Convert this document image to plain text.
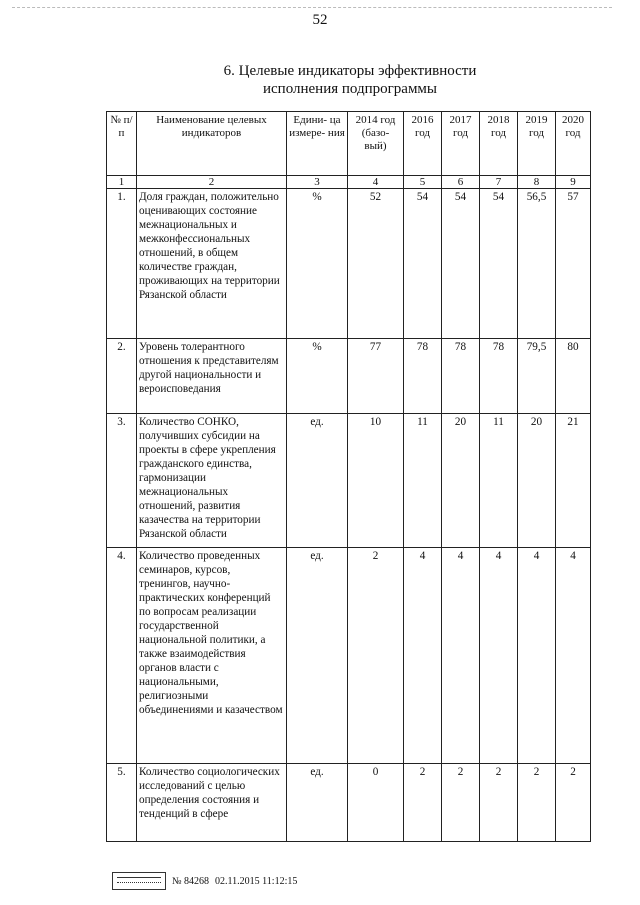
52
6. Целевые индикаторы эффективности
исполнения подпрограммы
№ п/п	Наименование целевых индикаторов	Едини- ца измере- ния	2014 год (базо- вый)	2016 год	2017 год	2018 год	2019 год	2020 год
1	2	3	4	5	6	7	8	9
1.	Доля граждан, положительно оценивающих состояние межнациональных и межконфессиональных отношений, в общем количестве граждан, проживающих на территории Рязанской области	%	52	54	54	54	56,5	57
2.	Уровень толерантного отношения к представителям другой национальности и вероисповедания	%	77	78	78	78	79,5	80
3.	Количество СОНКО, получивших субсидии на проекты в сфере укрепления гражданского единства, гармонизации межнациональных отношений, развития казачества на территории Рязанской области	ед.	10	11	20	11	20	21
4.	Количество проведенных семинаров, курсов, тренингов, научно-практических конференций по вопросам реализации государственной национальной политики, а также взаимодействия органов власти с национальными, религиозными объединениями и казачеством	ед.	2	4	4	4	4	4
5.	Количество социологических исследований с целью определения состояния и тенденций в сфере	ед.	0	2	2	2	2	2
№ 84268 02.11.2015 11:12:15
